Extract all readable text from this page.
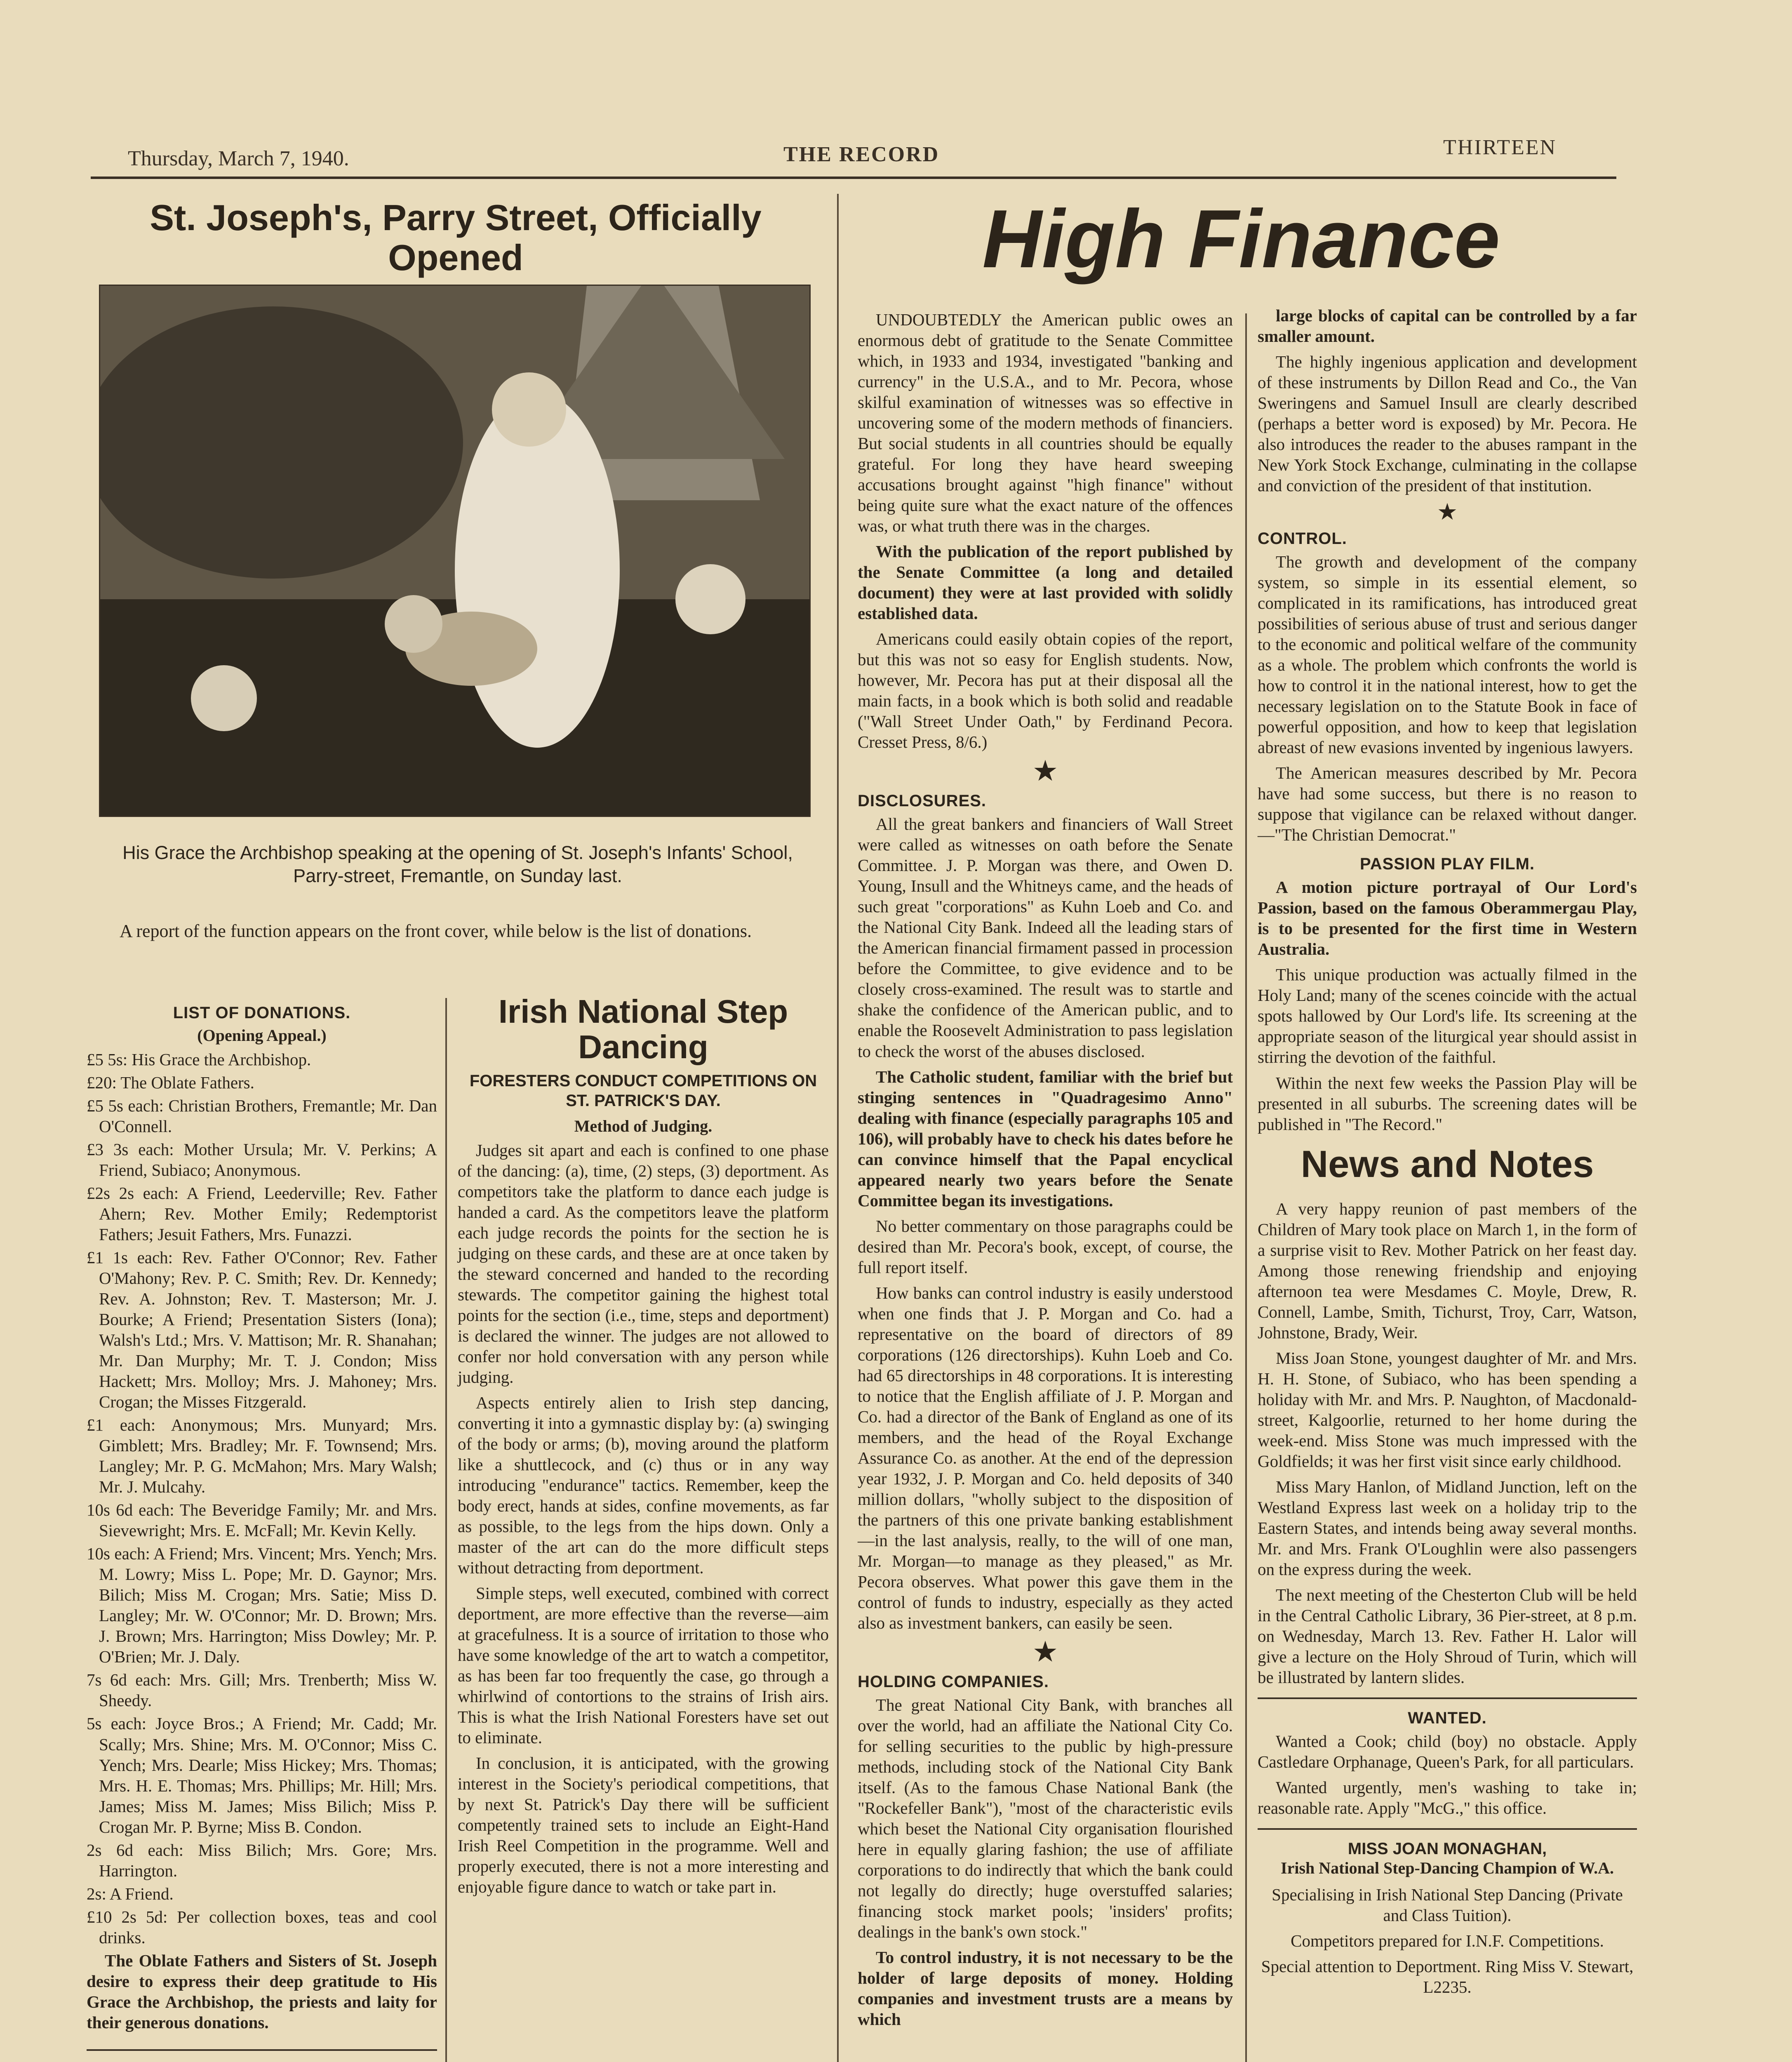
Thursday, March 7, 1940.	THE RECORD	THIRTEEN
St. Joseph's, Parry Street, Officially Opened
His Grace the Archbishop speaking at the opening of St. Joseph's Infants' School, Parry-street, Fremantle, on Sunday last.
A report of the function appears on the front cover, while below is the list of donations.
LIST OF DONATIONS.
(Opening Appeal.)

£5 5s: His Grace the Archbishop.

£20: The Oblate Fathers.

£5 5s each: Christian Brothers, Fremantle; Mr. Dan O'Connell.

£3 3s each: Mother Ursula; Mr. V. Perkins; A Friend, Subiaco; Anonymous.

£2s 2s each: A Friend, Leederville; Rev. Father Ahern; Rev. Mother Emily; Redemptorist Fathers; Jesuit Fathers, Mrs. Funazzi.

£1 1s each: Rev. Father O'Connor; Rev. Father O'Mahony; Rev. P. C. Smith; Rev. Dr. Kennedy; Rev. A. Johnston; Rev. T. Masterson; Mr. J. Bourke; A Friend; Presentation Sisters (Iona); Walsh's Ltd.; Mrs. V. Mattison; Mr. R. Shanahan; Mr. Dan Murphy; Mr. T. J. Condon; Miss Hackett; Mrs. Molloy; Mrs. J. Mahoney; Mrs. Crogan; the Misses Fitzgerald.

£1 each: Anonymous; Mrs. Munyard; Mrs. Gimblett; Mrs. Bradley; Mr. F. Townsend; Mrs. Langley; Mr. P. G. McMahon; Mrs. Mary Walsh; Mr. J. Mulcahy.

10s 6d each: The Beveridge Family; Mr. and Mrs. Sievewright; Mrs. E. McFall; Mr. Kevin Kelly.

10s each: A Friend; Mrs. Vincent; Mrs. Yench; Mrs. M. Lowry; Miss L. Pope; Mr. D. Gaynor; Mrs. Bilich; Miss M. Crogan; Mrs. Satie; Miss D. Langley; Mr. W. O'Connor; Mr. D. Brown; Mrs. J. Brown; Mrs. Harrington; Miss Dowley; Mr. P. O'Brien; Mr. J. Daly.

7s 6d each: Mrs. Gill; Mrs. Trenberth; Miss W. Sheedy.

5s each: Joyce Bros.; A Friend; Mr. Cadd; Mr. Scally; Mrs. Shine; Mrs. M. O'Connor; Miss C. Yench; Mrs. Dearle; Miss Hickey; Mrs. Thomas; Mrs. H. E. Thomas; Mrs. Phillips; Mr. Hill; Mrs. James; Miss M. James; Miss Bilich; Miss P. Crogan Mr. P. Byrne; Miss B. Condon.

2s 6d each: Miss Bilich; Mrs. Gore; Mrs. Harrington.

2s: A Friend.

£10 2s 5d: Per collection boxes, teas and cool drinks.

The Oblate Fathers and Sisters of St. Joseph desire to express their deep gratitude to His Grace the Archbishop, the priests and laity for their generous donations.
Irish National Step Dancing
FORESTERS CONDUCT COMPETITIONS ON ST. PATRICK'S DAY.
Method of Judging.

Judges sit apart and each is confined to one phase of the dancing: (a), time, (2) steps, (3) deportment. As competitors take the platform to dance each judge is handed a card. As the competitors leave the platform each judge records the points for the section he is judging on these cards, and these are at once taken by the steward concerned and handed to the recording stewards. The competitor gaining the highest total points for the section (i.e., time, steps and deportment) is declared the winner. The judges are not allowed to confer nor hold conversation with any person while judging.

Aspects entirely alien to Irish step dancing, converting it into a gymnastic display by: (a) swinging of the body or arms; (b), moving around the platform like a shuttlecock, and (c) thus or in any way introducing "endurance" tactics. Remember, keep the body erect, hands at sides, confine movements, as far as possible, to the legs from the hips down. Only a master of the art can do the more difficult steps without detracting from deportment.

Simple steps, well executed, combined with correct deportment, are more effective than the reverse—aim at gracefulness. It is a source of irritation to those who have some knowledge of the art to watch a competitor, as has been far too frequently the case, go through a whirlwind of contortions to the strains of Irish airs. This is what the Irish National Foresters have set out to eliminate.

In conclusion, it is anticipated, with the growing interest in the Society's periodical competitions, that by next St. Patrick's Day there will be sufficient competently trained sets to include an Eight-Hand Irish Reel Competition in the programme. Well and properly executed, there is not a more interesting and enjoyable figure dance to watch or take part in.

High Finance

UNDOUBTEDLY the American public owes an enormous debt of gratitude to the Senate Committee which, in 1933 and 1934, investigated "banking and currency" in the U.S.A., and to Mr. Pecora, whose skilful examination of witnesses was so effective in uncovering some of the modern methods of financiers. But social students in all countries should be equally grateful. For long they have heard sweeping accusations brought against "high finance" without being quite sure what the exact nature of the offences was, or what truth there was in the charges.

With the publication of the report published by the Senate Committee (a long and detailed document) they were at last provided with solidly established data.

Americans could easily obtain copies of the report, but this was not so easy for English students. Now, however, Mr. Pecora has put at their disposal all the main facts, in a book which is both solid and readable ("Wall Street Under Oath," by Ferdinand Pecora. Cresset Press, 8/6.)

★
DISCLOSURES.

All the great bankers and financiers of Wall Street were called as witnesses on oath before the Senate Committee. J. P. Morgan was there, and Owen D. Young, Insull and the Whitneys came, and the heads of such great "corporations" as Kuhn Loeb and Co. and the National City Bank. Indeed all the leading stars of the American financial firmament passed in procession before the Committee, to give evidence and to be closely cross-examined. The result was to startle and shake the confidence of the American public, and to enable the Roosevelt Administration to pass legislation to check the worst of the abuses disclosed.

The Catholic student, familiar with the brief but stinging sentences in "Quadragesimo Anno" dealing with finance (especially paragraphs 105 and 106), will probably have to check his dates before he can convince himself that the Papal encyclical appeared nearly two years before the Senate Committee began its investigations.

No better commentary on those paragraphs could be desired than Mr. Pecora's book, except, of course, the full report itself.

How banks can control industry is easily understood when one finds that J. P. Morgan and Co. had a representative on the board of directors of 89 corporations (126 directorships). Kuhn Loeb and Co. had 65 directorships in 48 corporations. It is interesting to notice that the English affiliate of J. P. Morgan and Co. had a director of the Bank of England as one of its members, and the head of the Royal Exchange Assurance Co. as another. At the end of the depression year 1932, J. P. Morgan and Co. held deposits of 340 million dollars, "wholly subject to the disposition of the partners of this one private banking establishment—in the last analysis, really, to the will of one man, Mr. Morgan—to manage as they pleased," as Mr. Pecora observes. What power this gave them in the control of funds to industry, especially as they acted also as investment bankers, can easily be seen.

★
HOLDING COMPANIES.

The great National City Bank, with branches all over the world, had an affiliate the National City Co. for selling securities to the public by high-pressure methods, including stock of the National City Bank itself. (As to the famous Chase National Bank (the "Rockefeller Bank"), "most of the characteristic evils which beset the National City organisation flourished here in equally glaring fashion; the use of affiliate corporations to do indirectly that which the bank could not legally do directly; huge overstuffed salaries; financing stock market pools; 'insiders' profits; dealings in the bank's own stock."

To control industry, it is not necessary to be the holder of large deposits of money. Holding companies and investment trusts are a means by which

large blocks of capital can be controlled by a far smaller amount.

The highly ingenious application and development of these instruments by Dillon Read and Co., the Van Sweringens and Samuel Insull are clearly described (perhaps a better word is exposed) by Mr. Pecora. He also introduces the reader to the abuses rampant in the New York Stock Exchange, culminating in the collapse and conviction of the president of that institution.

★
CONTROL.

The growth and development of the company system, so simple in its essential element, so complicated in its ramifications, has introduced great possibilities of serious abuse of trust and serious danger to the economic and political welfare of the community as a whole. The problem which confronts the world is how to control it in the national interest, how to get the necessary legislation on to the Statute Book in face of powerful opposition, and how to keep that legislation abreast of new evasions invented by ingenious lawyers.

The American measures described by Mr. Pecora have had some success, but there is no reason to suppose that vigilance can be relaxed without danger.—"The Christian Democrat."

PASSION PLAY FILM.

A motion picture portrayal of Our Lord's Passion, based on the famous Oberammergau Play, is to be presented for the first time in Western Australia.

This unique production was actually filmed in the Holy Land; many of the scenes coincide with the actual spots hallowed by Our Lord's life. Its screening at the appropriate season of the liturgical year should assist in stirring the devotion of the faithful.

Within the next few weeks the Passion Play will be presented in all suburbs. The screening dates will be published in "The Record."

News and Notes

A very happy reunion of past members of the Children of Mary took place on March 1, in the form of a surprise visit to Rev. Mother Patrick on her feast day. Among those renewing friendship and enjoying afternoon tea were Mesdames C. Moyle, Drew, R. Connell, Lambe, Smith, Tichurst, Troy, Carr, Watson, Johnstone, Brady, Weir.

Miss Joan Stone, youngest daughter of Mr. and Mrs. H. H. Stone, of Subiaco, who has been spending a holiday with Mr. and Mrs. P. Naughton, of Macdonald-street, Kalgoorlie, returned to her home during the week-end. Miss Stone was much impressed with the Goldfields; it was her first visit since early childhood.

Miss Mary Hanlon, of Midland Junction, left on the Westland Express last week on a holiday trip to the Eastern States, and intends being away several months. Mr. and Mrs. Frank O'Loughlin were also passengers on the express during the week.

The next meeting of the Chesterton Club will be held in the Central Catholic Library, 36 Pier-street, at 8 p.m. on Wednesday, March 13. Rev. Father H. Lalor will give a lecture on the Holy Shroud of Turin, which will be illustrated by lantern slides.

WANTED.

Wanted a Cook; child (boy) no obstacle. Apply Castledare Orphanage, Queen's Park, for all particulars.

Wanted urgently, men's washing to take in; reasonable rate. Apply "McG.," this office.

MISS JOAN MONAGHAN,
Irish National Step-Dancing Champion of W.A.

Specialising in Irish National Step Dancing (Private and Class Tuition).

Competitors prepared for I.N.F. Competitions.

Special attention to Deportment. Ring Miss V. Stewart, L2235.
